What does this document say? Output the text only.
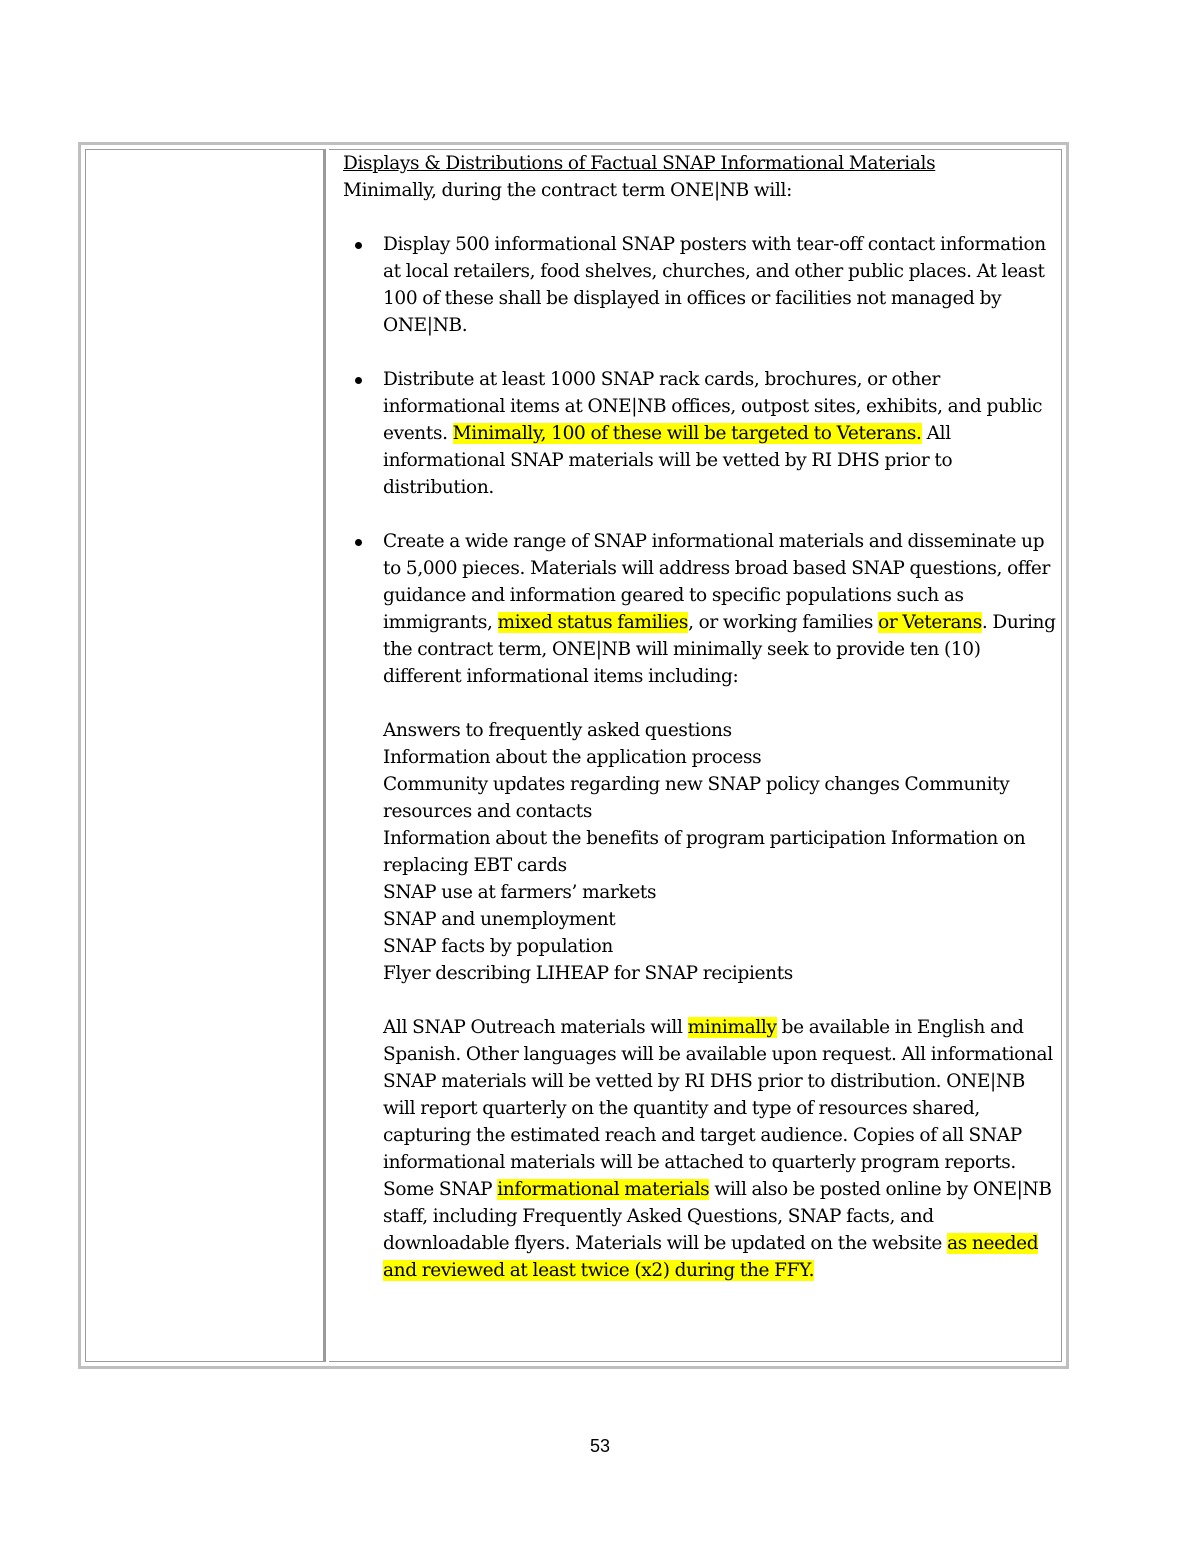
Displays & Distributions of Factual SNAP Informational Materials
Minimally, during the contract term ONE|NB will:
Display 500 informational SNAP posters with tear-off contact information at local retailers, food shelves, churches, and other public places. At least 100 of these shall be displayed in offices or facilities not managed by ONE|NB.
Distribute at least 1000 SNAP rack cards, brochures, or other informational items at ONE|NB offices, outpost sites, exhibits, and public events. Minimally, 100 of these will be targeted to Veterans. All informational SNAP materials will be vetted by RI DHS prior to distribution.
Create a wide range of SNAP informational materials and disseminate up to 5,000 pieces. Materials will address broad based SNAP questions, offer guidance and information geared to specific populations such as immigrants, mixed status families, or working families or Veterans. During the contract term, ONE|NB will minimally seek to provide ten (10) different informational items including:
Answers to frequently asked questions
Information about the application process
Community updates regarding new SNAP policy changes Community resources and contacts
Information about the benefits of program participation Information on replacing EBT cards
SNAP use at farmers’ markets
SNAP and unemployment
SNAP facts by population
Flyer describing LIHEAP for SNAP recipients
All SNAP Outreach materials will minimally be available in English and Spanish. Other languages will be available upon request. All informational SNAP materials will be vetted by RI DHS prior to distribution. ONE|NB will report quarterly on the quantity and type of resources shared, capturing the estimated reach and target audience. Copies of all SNAP informational materials will be attached to quarterly program reports. Some SNAP informational materials will also be posted online by ONE|NB staff, including Frequently Asked Questions, SNAP facts, and downloadable flyers. Materials will be updated on the website as needed and reviewed at least twice (x2) during the FFY.
53
